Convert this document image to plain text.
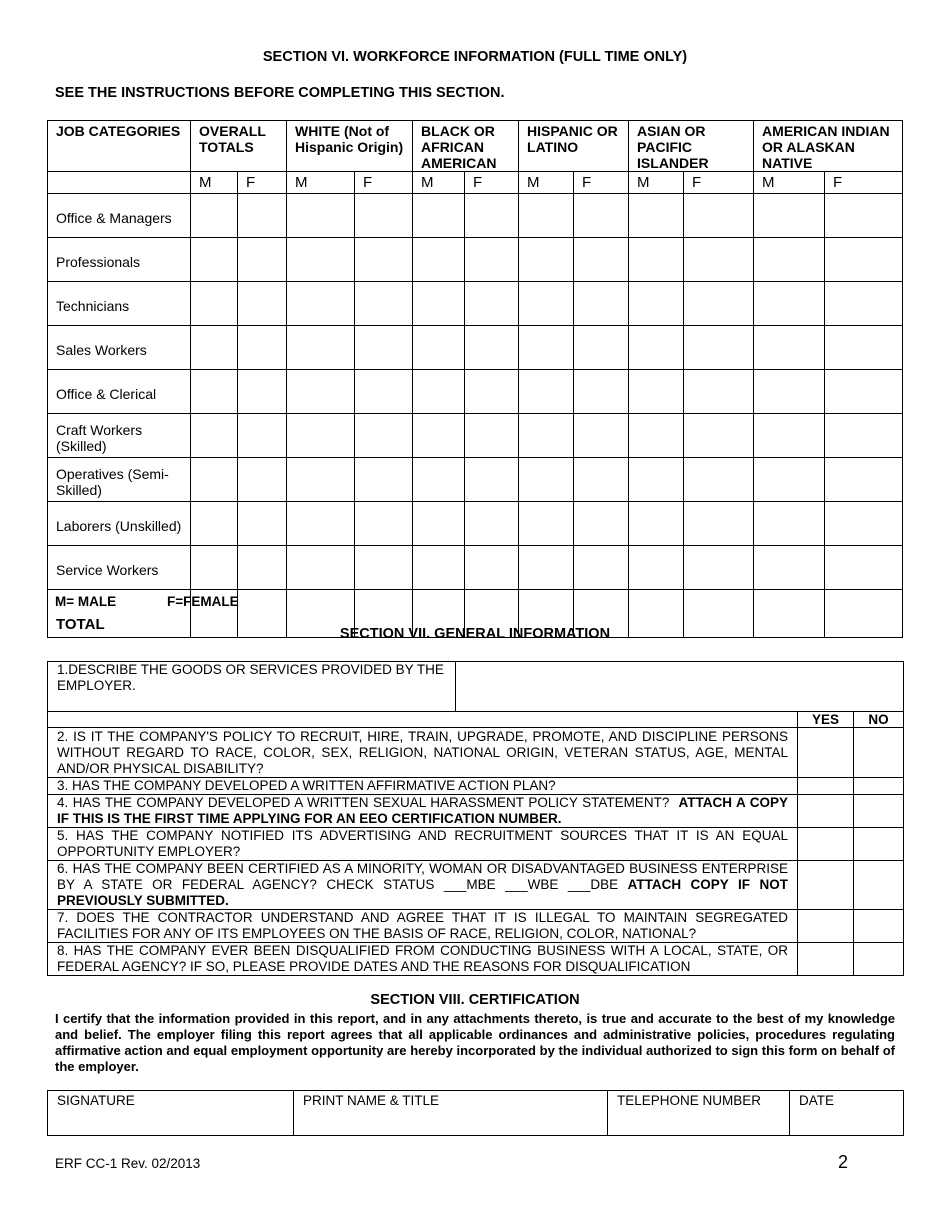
SECTION VI. WORKFORCE INFORMATION (FULL TIME ONLY)
SEE THE INSTRUCTIONS BEFORE COMPLETING THIS SECTION.
JOB CATEGORIES	OVERALL TOTALS		WHITE (Not of Hispanic Origin)		BLACK OR AFRICAN AMERICAN		HISPANIC OR LATINO		ASIAN OR PACIFIC ISLANDER		AMERICAN INDIAN OR ALASKAN NATIVE	
	M	F	M	F	M	F	M	F	M	F	M	F
Office & Managers												
Professionals												
Technicians												
Sales Workers												
Office & Clerical												
Craft Workers (Skilled)												
Operatives (Semi-Skilled)												
Laborers (Unskilled)												
Service Workers												
TOTAL												
M= MALE	F=FEMALE
SECTION VII. GENERAL INFORMATION
1.DESCRIBE THE GOODS OR SERVICES PROVIDED BY THE EMPLOYER.			
		YES	NO
2. IS IT THE COMPANY'S POLICY TO RECRUIT, HIRE, TRAIN, UPGRADE, PROMOTE, AND DISCIPLINE PERSONS WITHOUT REGARD TO RACE, COLOR, SEX, RELIGION, NATIONAL ORIGIN, VETERAN STATUS, AGE, MENTAL AND/OR PHYSICAL DISABILITY?			
3. HAS THE COMPANY DEVELOPED A WRITTEN AFFIRMATIVE ACTION PLAN?			
4. HAS THE COMPANY DEVELOPED A WRITTEN SEXUAL HARASSMENT POLICY STATEMENT? ATTACH A COPY IF THIS IS THE FIRST TIME APPLYING FOR AN EEO CERTIFICATION NUMBER.			
5. HAS THE COMPANY NOTIFIED ITS ADVERTISING AND RECRUITMENT SOURCES THAT IT IS AN EQUAL OPPORTUNITY EMPLOYER?			
6. HAS THE COMPANY BEEN CERTIFIED AS A MINORITY, WOMAN OR DISADVANTAGED BUSINESS ENTERPRISE BY A STATE OR FEDERAL AGENCY? CHECK STATUS ___MBE ___WBE ___DBE ATTACH COPY IF NOT PREVIOUSLY SUBMITTED.			
7. DOES THE CONTRACTOR UNDERSTAND AND AGREE THAT IT IS ILLEGAL TO MAINTAIN SEGREGATED FACILITIES FOR ANY OF ITS EMPLOYEES ON THE BASIS OF RACE, RELIGION, COLOR, NATIONAL?			
8. HAS THE COMPANY EVER BEEN DISQUALIFIED FROM CONDUCTING BUSINESS WITH A LOCAL, STATE, OR FEDERAL AGENCY? IF SO, PLEASE PROVIDE DATES AND THE REASONS FOR DISQUALIFICATION			
SECTION VIII. CERTIFICATION
I certify that the information provided in this report, and in any attachments thereto, is true and accurate to the best of my knowledge and belief. The employer filing this report agrees that all applicable ordinances and administrative policies, procedures regulating affirmative action and equal employment opportunity are hereby incorporated by the individual authorized to sign this form on behalf of the employer.
SIGNATURE	PRINT NAME & TITLE	TELEPHONE NUMBER	DATE
ERF CC-1 Rev. 02/2013	2
